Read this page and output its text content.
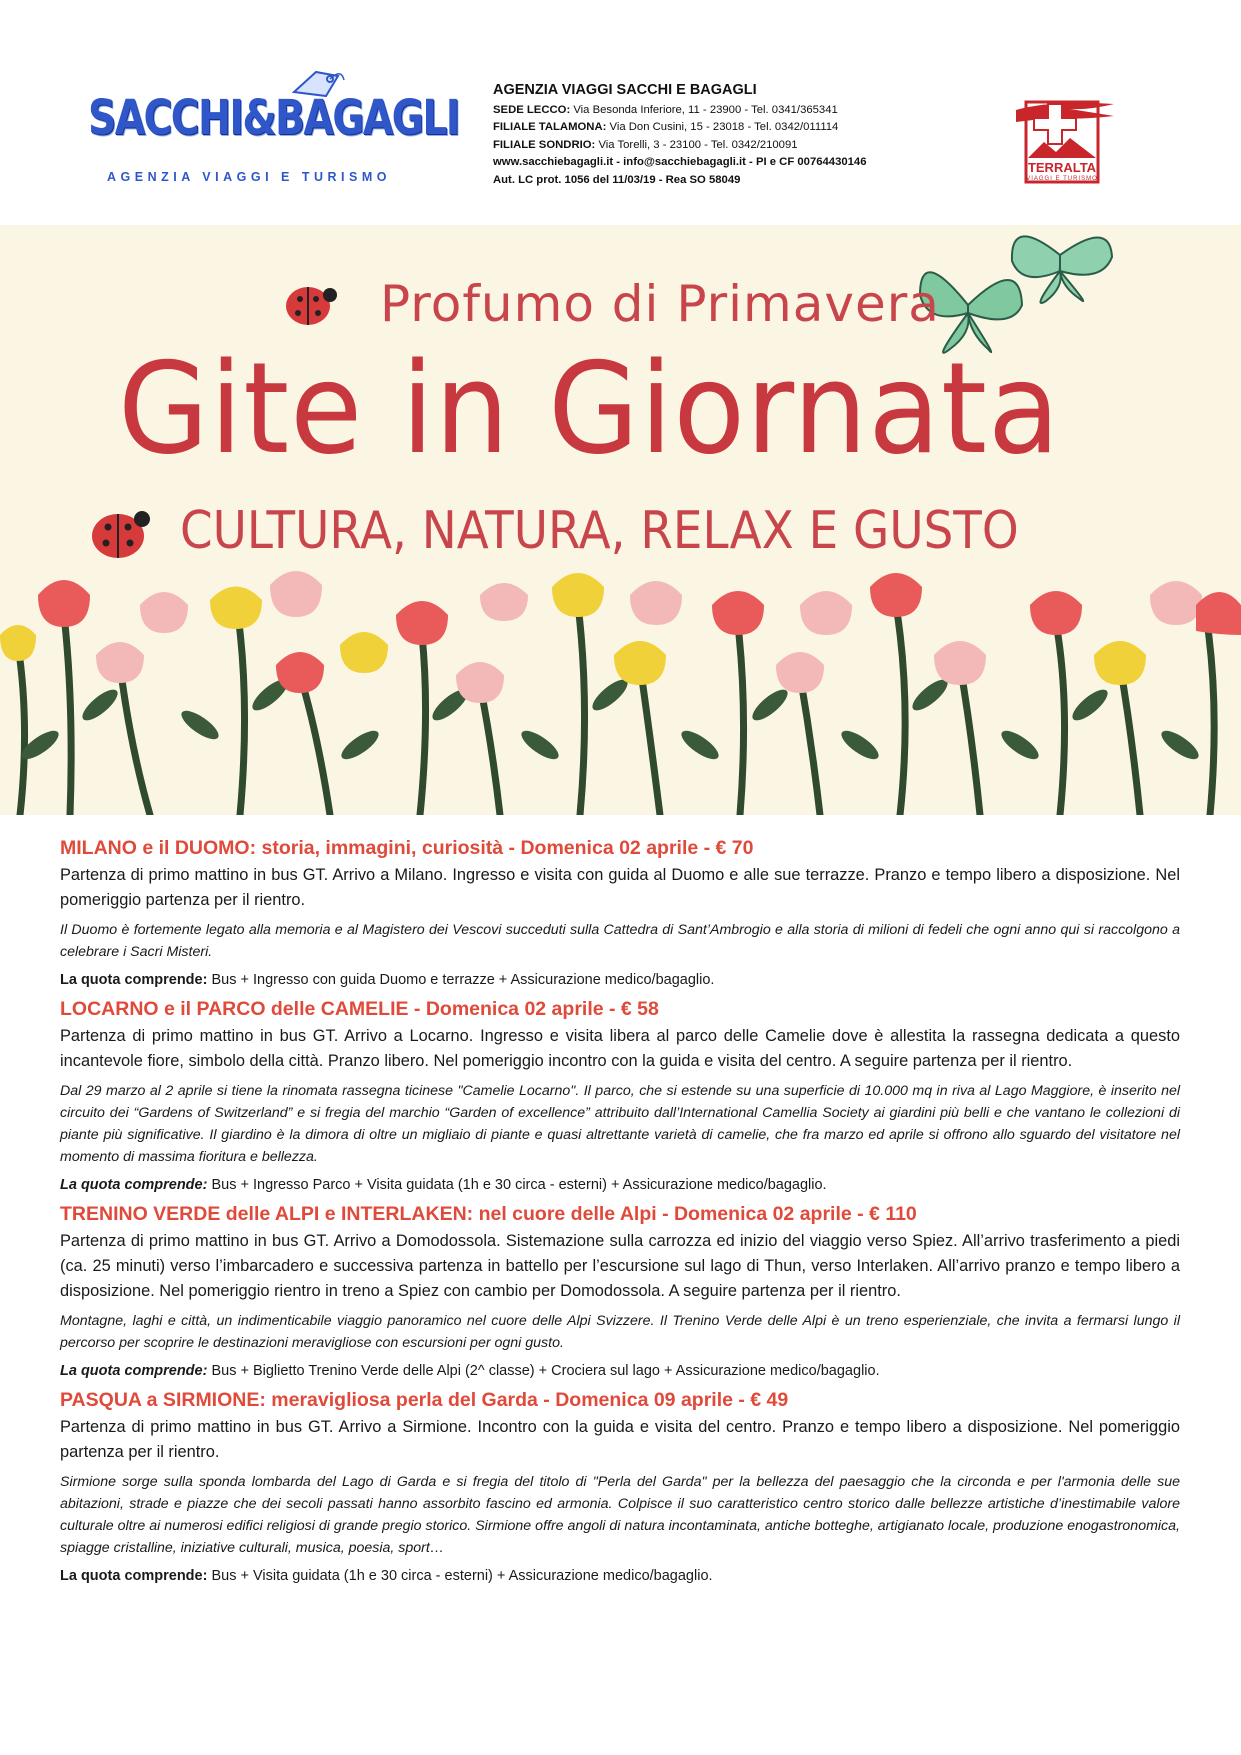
SACCHI&BAGAGLI
AGENZIA VIAGGI E TURISMO
AGENZIA VIAGGI SACCHI E BAGAGLI
SEDE LECCO: Via Besonda Inferiore, 11 - 23900 - Tel. 0341/365341
FILIALE TALAMONA: Via Don Cusini, 15 - 23018 - Tel. 0342/011114
FILIALE SONDRIO: Via Torelli, 3 - 23100 - Tel. 0342/210091
www.sacchiebagagli.it - info@sacchiebagagli.it - PI e CF 00764430146
Aut. LC prot. 1056 del 11/03/19 - Rea SO 58049
TERRALTA
VIAGGI E TURISMO
Profumo di Primavera
Gite in Giornata
CULTURA, NATURA, RELAX E GUSTO
MILANO e il DUOMO: storia, immagini, curiosità - Domenica 02 aprile - € 70

Partenza di primo mattino in bus GT. Arrivo a Milano. Ingresso e visita con guida al Duomo e alle sue terrazze. Pranzo e tempo libero a disposizione. Nel pomeriggio partenza per il rientro.

Il Duomo è fortemente legato alla memoria e al Magistero dei Vescovi succeduti sulla Cattedra di Sant’Ambrogio e alla storia di milioni di fedeli che ogni anno qui si raccolgono a celebrare i Sacri Misteri.

La quota comprende: Bus + Ingresso con guida Duomo e terrazze + Assicurazione medico/bagaglio.

LOCARNO e il PARCO delle CAMELIE - Domenica 02 aprile - € 58

Partenza di primo mattino in bus GT. Arrivo a Locarno. Ingresso e visita libera al parco delle Camelie dove è allestita la rassegna dedicata a questo incantevole fiore, simbolo della città. Pranzo libero. Nel pomeriggio incontro con la guida e visita del centro. A seguire partenza per il rientro.

Dal 29 marzo al 2 aprile si tiene la rinomata rassegna ticinese "Camelie Locarno". Il parco, che si estende su una superficie di 10.000 mq in riva al Lago Maggiore, è inserito nel circuito dei “Gardens of Switzerland” e si fregia del marchio “Garden of excellence” attribuito dall’International Camellia Society ai giardini più belli e che vantano le collezioni di piante più significative. Il giardino è la dimora di oltre un migliaio di piante e quasi altrettante varietà di camelie, che fra marzo ed aprile si offrono allo sguardo del visitatore nel momento di massima fioritura e bellezza.

La quota comprende: Bus + Ingresso Parco + Visita guidata (1h e 30 circa - esterni) + Assicurazione medico/bagaglio.

TRENINO VERDE delle ALPI e INTERLAKEN: nel cuore delle Alpi - Domenica 02 aprile - € 110

Partenza di primo mattino in bus GT. Arrivo a Domodossola. Sistemazione sulla carrozza ed inizio del viaggio verso Spiez. All’arrivo trasferimento a piedi (ca. 25 minuti) verso l’imbarcadero e successiva partenza in battello per l’escursione sul lago di Thun, verso Interlaken. All’arrivo pranzo e tempo libero a disposizione. Nel pomeriggio rientro in treno a Spiez con cambio per Domodossola. A seguire partenza per il rientro.

Montagne, laghi e città, un indimenticabile viaggio panoramico nel cuore delle Alpi Svizzere. Il Trenino Verde delle Alpi è un treno esperienziale, che invita a fermarsi lungo il percorso per scoprire le destinazioni meravigliose con escursioni per ogni gusto.

La quota comprende: Bus + Biglietto Trenino Verde delle Alpi (2^ classe) + Crociera sul lago + Assicurazione medico/bagaglio.

PASQUA a SIRMIONE: meravigliosa perla del Garda - Domenica 09 aprile - € 49

Partenza di primo mattino in bus GT. Arrivo a Sirmione. Incontro con la guida e visita del centro. Pranzo e tempo libero a disposizione. Nel pomeriggio partenza per il rientro.

Sirmione sorge sulla sponda lombarda del Lago di Garda e si fregia del titolo di "Perla del Garda" per la bellezza del paesaggio che la circonda e per l'armonia delle sue abitazioni, strade e piazze che dei secoli passati hanno assorbito fascino ed armonia. Colpisce il suo caratteristico centro storico dalle bellezze artistiche d’inestimabile valore culturale oltre ai numerosi edifici religiosi di grande pregio storico. Sirmione offre angoli di natura incontaminata, antiche botteghe, artigianato locale, produzione enogastronomica, spiagge cristalline, iniziative culturali, musica, poesia, sport…

La quota comprende: Bus + Visita guidata (1h e 30 circa - esterni) + Assicurazione medico/bagaglio.
